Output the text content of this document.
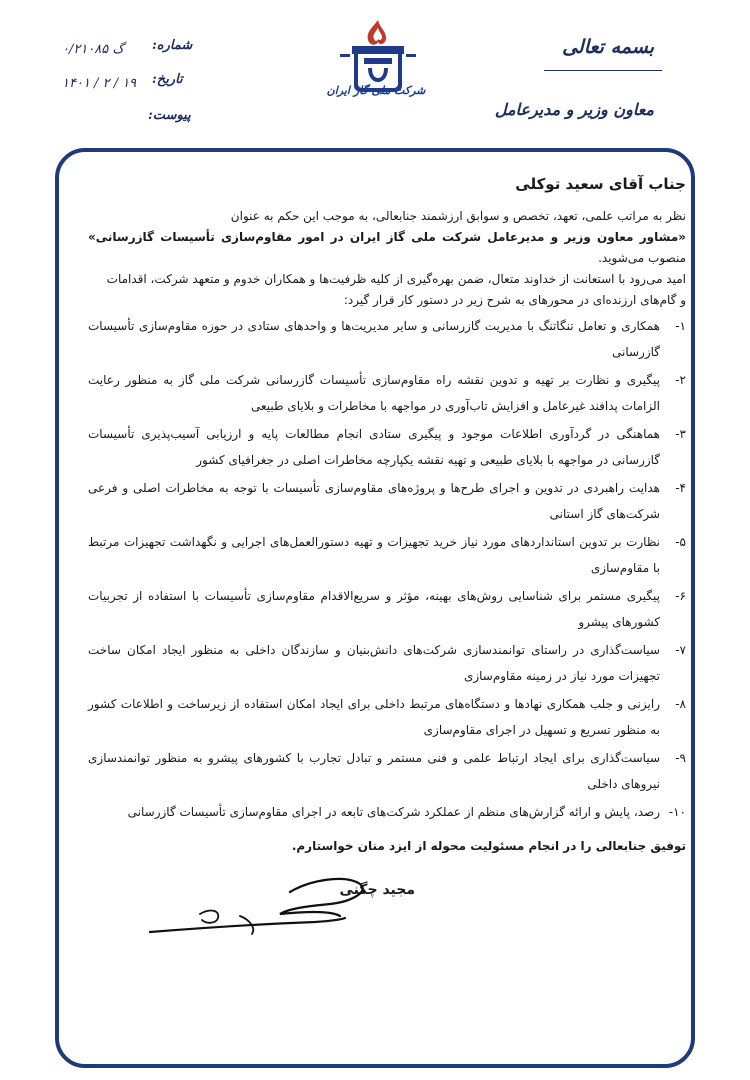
بسمه تعالی
معاون وزیر و مدیرعامل
شماره:
گ ۰/۲۱۰۸۵
تاریخ:
۱۴۰۱ / ۲ / ۱۹
پیوست:
شرکت ملی گاز ایران
جناب آقای سعید توکلی

نظر به مراتب علمی، تعهد، تخصص و سوابق ارزشمند جنابعالی، به موجب این حکم به عنوان

«مشاور معاون وزیر و مدیرعامل شرکت ملی گاز ایران در امور مقاوم‌سازی تأسیسات گازرسانی» منصوب می‌شوید.

امید می‌رود با استعانت از خداوند متعال، ضمن بهره‌گیری از کلیه ظرفیت‌ها و همکاران خدوم و متعهد شرکت، اقدامات

و گام‌های ارزنده‌ای در محورهای به شرح زیر در دستور کار قرار گیرد:

۱-
همکاری و تعامل تنگاتنگ با مدیریت گازرسانی و سایر مدیریت‌ها و واحدهای ستادی در حوزه مقاوم‌سازی تأسیسات گازرسانی
۲-
پیگیری و نظارت بر تهیه و تدوین نقشه راه مقاوم‌سازی تأسیسات گازرسانی شرکت ملی گاز به منظور رعایت الزامات پدافند غیرعامل و افزایش تاب‌آوری در مواجهه با مخاطرات و بلایای طبیعی
۳-
هماهنگی در گردآوری اطلاعات موجود و پیگیری ستادی انجام مطالعات پایه و ارزیابی آسیب‌پذیری تأسیسات گازرسانی در مواجهه با بلایای طبیعی و تهیه نقشه یکپارچه مخاطرات اصلی در جغرافیای کشور
۴-
هدایت راهبردی در تدوین و اجرای طرح‌ها و پروژه‌های مقاوم‌سازی تأسیسات با توجه به مخاطرات اصلی و فرعی شرکت‌های گاز استانی
۵-
نظارت بر تدوین استانداردهای مورد نیاز خرید تجهیزات و تهیه دستورالعمل‌های اجرایی و نگهداشت تجهیزات مرتبط با مقاوم‌سازی
۶-
پیگیری مستمر برای شناسایی روش‌های بهینه، مؤثر و سریع‌الاقدام مقاوم‌سازی تأسیسات با استفاده از تجربیات کشورهای پیشرو
۷-
سیاست‌گذاری در راستای توانمندسازی شرکت‌های دانش‌بنیان و سازندگان داخلی به منظور ایجاد امکان ساخت تجهیزات مورد نیاز در زمینه مقاوم‌سازی
۸-
رایزنی و جلب همکاری نهادها و دستگاه‌های مرتبط داخلی برای ایجاد امکان استفاده از زیرساخت و اطلاعات کشور به منظور تسریع و تسهیل در اجرای مقاوم‌سازی
۹-
سیاست‌گذاری برای ایجاد ارتباط علمی و فنی مستمر و تبادل تجارب با کشورهای پیشرو به منظور توانمندسازی نیروهای داخلی
۱۰-
رصد، پایش و ارائه گزارش‌های منظم از عملکرد شرکت‌های تابعه در اجرای مقاوم‌سازی تأسیسات گازرسانی
توفیق جنابعالی را در انجام مسئولیت محوله از ایزد منان خواستارم.
مجید چگنی
